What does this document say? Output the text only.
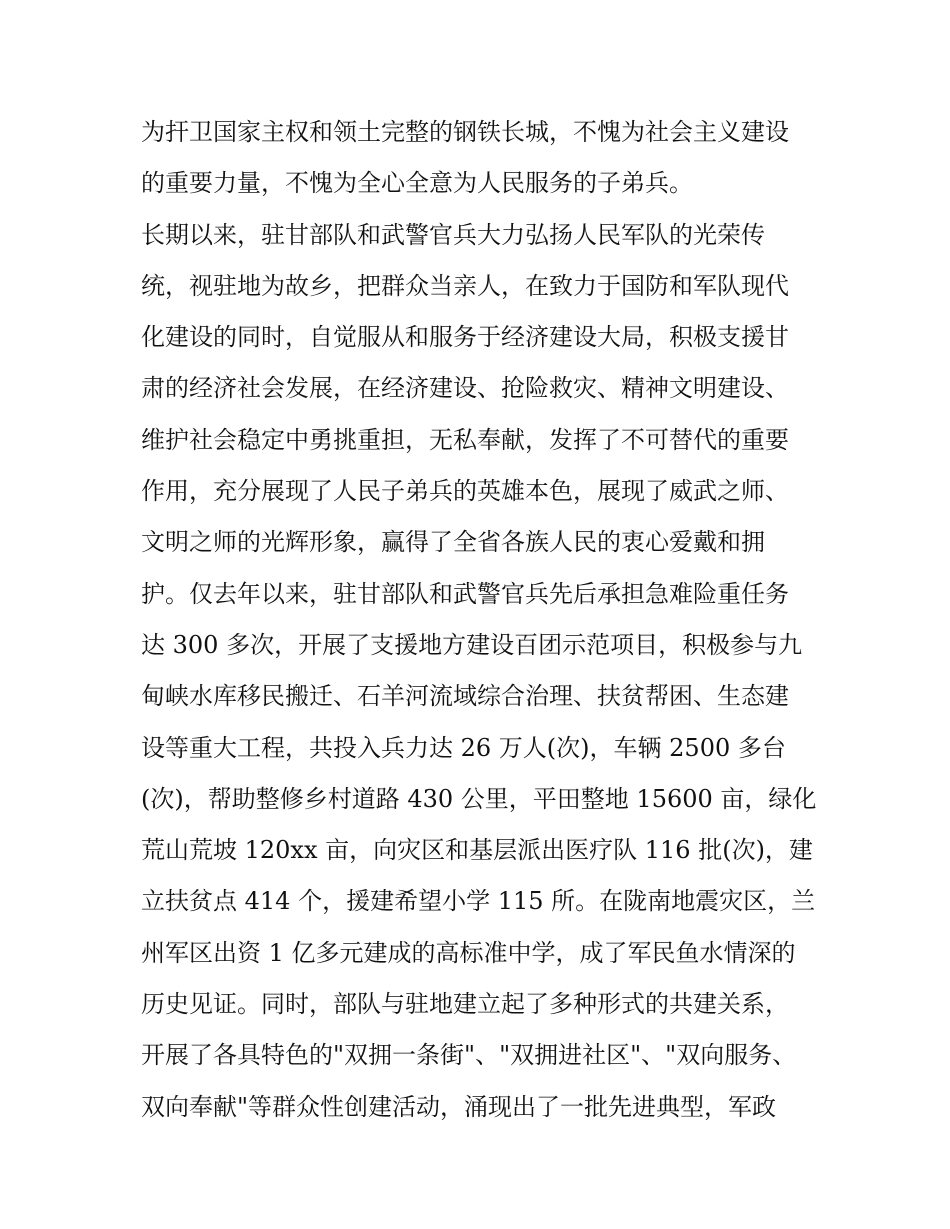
为扞卫国家主权和领土完整的钢铁长城，不愧为社会主义建设
的重要力量，不愧为全心全意为人民服务的子弟兵。
长期以来，驻甘部队和武警官兵大力弘扬人民军队的光荣传
统，视驻地为故乡，把群众当亲人，在致力于国防和军队现代
化建设的同时，自觉服从和服务于经济建设大局，积极支援甘
肃的经济社会发展，在经济建设、抢险救灾、精神文明建设、
维护社会稳定中勇挑重担，无私奉献，发挥了不可替代的重要
作用，充分展现了人民子弟兵的英雄本色，展现了威武之师、
文明之师的光辉形象，赢得了全省各族人民的衷心爱戴和拥
护。仅去年以来，驻甘部队和武警官兵先后承担急难险重任务
达 300 多次，开展了支援地方建设百团示范项目，积极参与九
甸峡水库移民搬迁、石羊河流域综合治理、扶贫帮困、生态建
设等重大工程，共投入兵力达 26 万人(次)，车辆 2500 多台
(次)，帮助整修乡村道路 430 公里，平田整地 15600 亩，绿化
荒山荒坡 120xx 亩，向灾区和基层派出医疗队 116 批(次)，建
立扶贫点 414 个，援建希望小学 115 所。在陇南地震灾区，兰
州军区出资 1 亿多元建成的高标准中学，成了军民鱼水情深的
历史见证。同时，部队与驻地建立起了多种形式的共建关系，
开展了各具特色的"双拥一条街"、"双拥进社区"、"双向服务、
双向奉献"等群众性创建活动，涌现出了一批先进典型，军政
